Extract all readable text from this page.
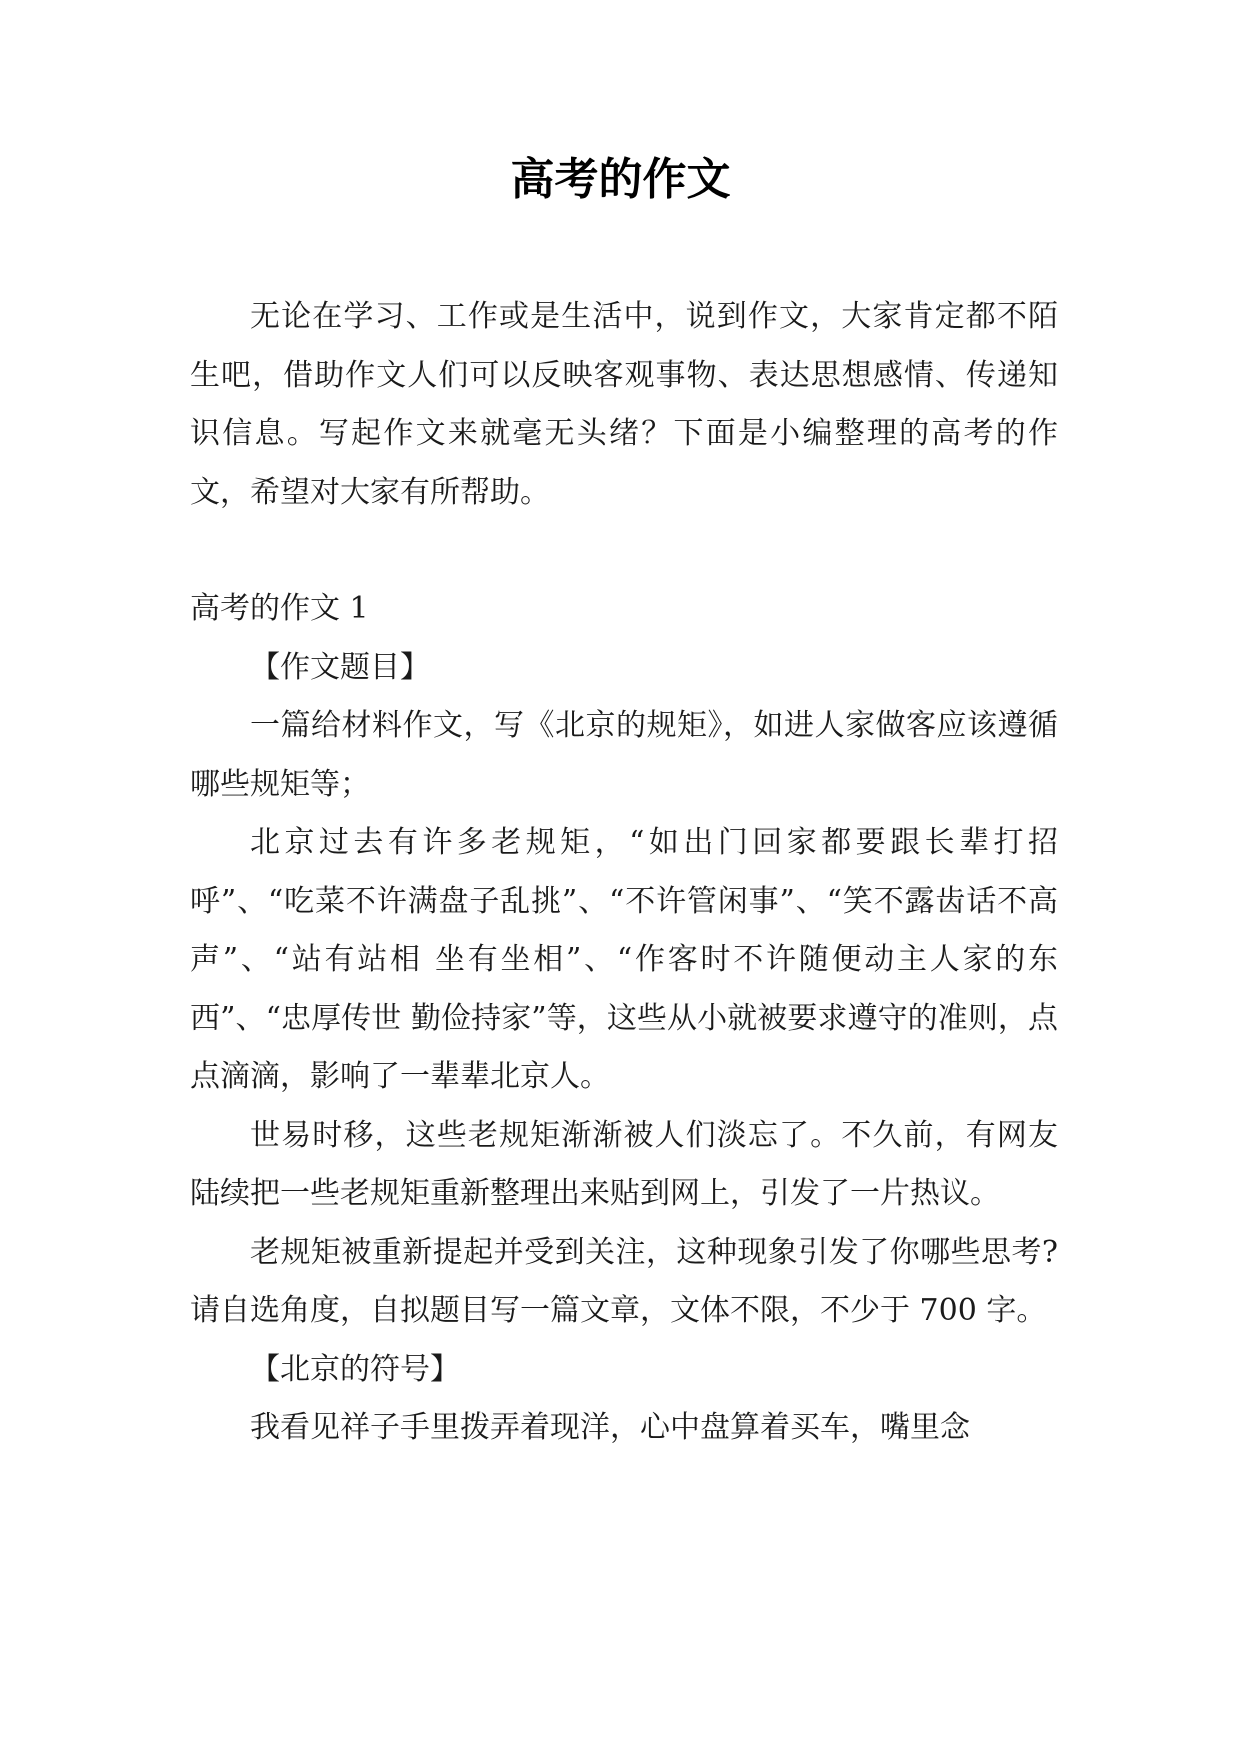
高考的作文

无论在学习、工作或是生活中，说到作文，大家肯定都不陌生吧，借助作文人们可以反映客观事物、表达思想感情、传递知识信息。写起作文来就毫无头绪？下面是小编整理的高考的作文，希望对大家有所帮助。

高考的作文 1

【作文题目】

一篇给材料作文，写《北京的规矩》，如进人家做客应该遵循哪些规矩等；

北京过去有许多老规矩，“如出门回家都要跟长辈打招呼”、“吃菜不许满盘子乱挑”、“不许管闲事”、“笑不露齿话不高声”、“站有站相 坐有坐相”、“作客时不许随便动主人家的东西”、“忠厚传世 勤俭持家”等，这些从小就被要求遵守的准则，点点滴滴，影响了一辈辈北京人。

世易时移，这些老规矩渐渐被人们淡忘了。不久前，有网友陆续把一些老规矩重新整理出来贴到网上，引发了一片热议。

老规矩被重新提起并受到关注，这种现象引发了你哪些思考?请自选角度，自拟题目写一篇文章，文体不限，不少于 700 字。

【北京的符号】

我看见祥子手里拨弄着现洋，心中盘算着买车，嘴里念
